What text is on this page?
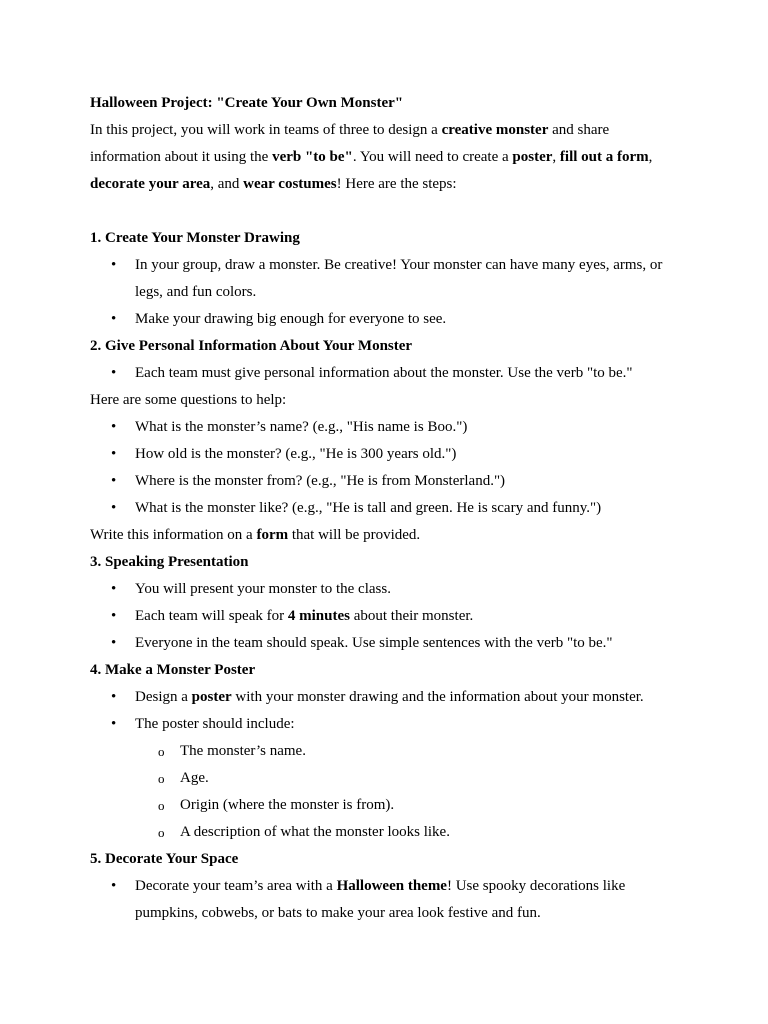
Halloween Project: "Create Your Own Monster"
In this project, you will work in teams of three to design a creative monster and share
information about it using the verb "to be". You will need to create a poster, fill out a form,
decorate your area, and wear costumes! Here are the steps:
1. Create Your Monster Drawing
• In your group, draw a monster. Be creative! Your monster can have many eyes, arms, or
legs, and fun colors.
• Make your drawing big enough for everyone to see.
2. Give Personal Information About Your Monster
• Each team must give personal information about the monster. Use the verb "to be."
Here are some questions to help:
• What is the monster’s name? (e.g., "His name is Boo.")
• How old is the monster? (e.g., "He is 300 years old.")
• Where is the monster from? (e.g., "He is from Monsterland.")
• What is the monster like? (e.g., "He is tall and green. He is scary and funny.")
Write this information on a form that will be provided.
3. Speaking Presentation
• You will present your monster to the class.
• Each team will speak for 4 minutes about their monster.
• Everyone in the team should speak. Use simple sentences with the verb "to be."
4. Make a Monster Poster
• Design a poster with your monster drawing and the information about your monster.
• The poster should include:
o The monster’s name.
o Age.
o Origin (where the monster is from).
o A description of what the monster looks like.
5. Decorate Your Space
• Decorate your team’s area with a Halloween theme! Use spooky decorations like
pumpkins, cobwebs, or bats to make your area look festive and fun.
